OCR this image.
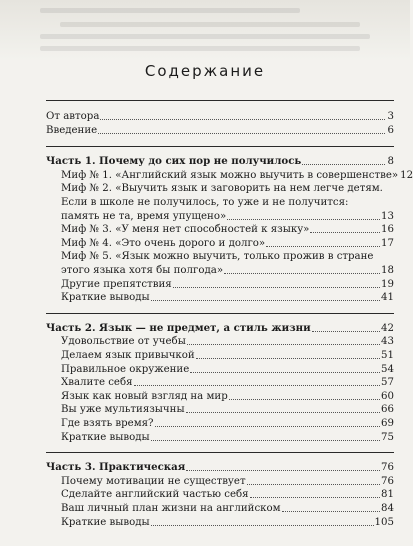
Содержание
От автора	3
Введение	6
Часть 1. Почему до сих пор не получилось	8
Миф № 1. «Английский язык можно выучить в совершенстве» 12
Миф № 2. «Выучить язык и заговорить на нем легче детям.
Если в школе не получилось, то уже и не получится:
память не та, время упущено»	13
Миф № 3. «У меня нет способностей к языку»	16
Миф № 4. «Это очень дорого и долго»	17
Миф № 5. «Язык можно выучить, только прожив в стране
этого языка хотя бы полгода»	18
Другие препятствия	19
Краткие выводы	41
Часть 2. Язык — не предмет, а стиль жизни	42
Удовольствие от учебы	43
Делаем язык привычкой	51
Правильное окружение	54
Хвалите себя	57
Язык как новый взгляд на мир	60
Вы уже мультиязычны	66
Где взять время?	69
Краткие выводы	75
Часть 3. Практическая	76
Почему мотивации не существует	76
Сделайте английский частью себя	81
Ваш личный план жизни на английском	84
Краткие выводы	105
